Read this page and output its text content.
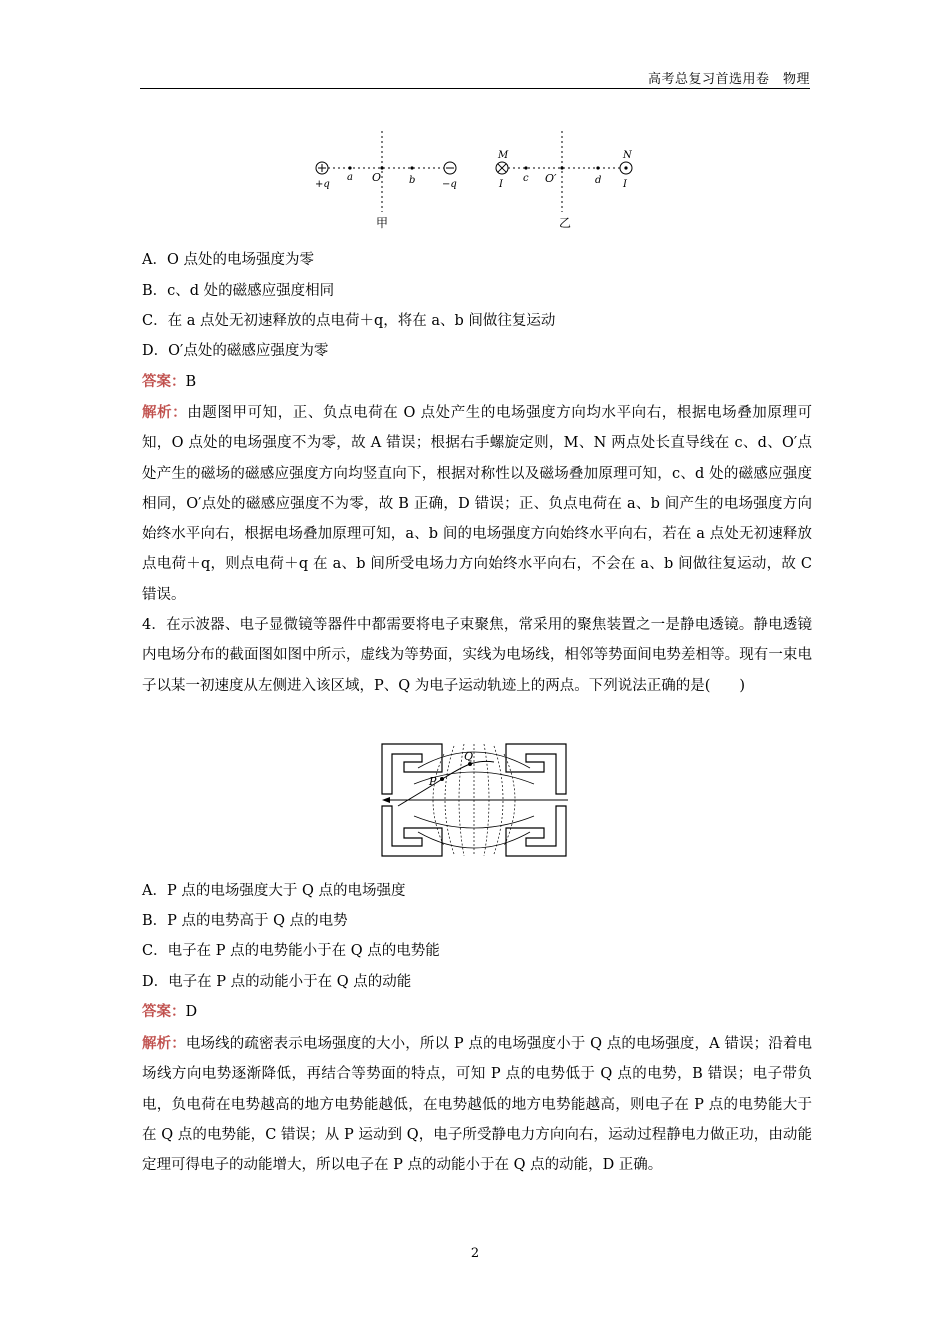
高考总复习首选用卷　物理
+q
a O	b	−q
甲
M
I
c O′	d
N
I
乙
A．O 点处的电场强度为零
B．c、d 处的磁感应强度相同
C．在 a 点处无初速释放的点电荷＋q，将在 a、b 间做往复运动
D．O′点处的磁感应强度为零
答案：B
解析：由题图甲可知，正、负点电荷在 O 点处产生的电场强度方向均水平向右，根据电场叠加原理可知，O 点处的电场强度不为零，故 A 错误；根据右手螺旋定则，M、N 两点处长直导线在 c、d、O′点处产生的磁场的磁感应强度方向均竖直向下，根据对称性以及磁场叠加原理可知，c、d 处的磁感应强度相同，O′点处的磁感应强度不为零，故 B 正确，D 错误；正、负点电荷在 a、b 间产生的电场强度方向始终水平向右，根据电场叠加原理可知，a、b 间的电场强度方向始终水平向右，若在 a 点处无初速释放点电荷＋q，则点电荷＋q 在 a、b 间所受电场力方向始终水平向右，不会在 a、b 间做往复运动，故 C 错误。
4．在示波器、电子显微镜等器件中都需要将电子束聚焦，常采用的聚焦装置之一是静电透镜。静电透镜内电场分布的截面图如图中所示，虚线为等势面，实线为电场线，相邻等势面间电势差相等。现有一束电子以某一初速度从左侧进入该区域，P、Q 为电子运动轨迹上的两点。下列说法正确的是(　　)
P
Q
A．P 点的电场强度大于 Q 点的电场强度
B．P 点的电势高于 Q 点的电势
C．电子在 P 点的电势能小于在 Q 点的电势能
D．电子在 P 点的动能小于在 Q 点的动能
答案：D
解析：电场线的疏密表示电场强度的大小，所以 P 点的电场强度小于 Q 点的电场强度，A 错误；沿着电场线方向电势逐渐降低，再结合等势面的特点，可知 P 点的电势低于 Q 点的电势，B 错误；电子带负电，负电荷在电势越高的地方电势能越低，在电势越低的地方电势能越高，则电子在 P 点的电势能大于在 Q 点的电势能，C 错误；从 P 运动到 Q，电子所受静电力方向向右，运动过程静电力做正功，由动能定理可得电子的动能增大，所以电子在 P 点的动能小于在 Q 点的动能，D 正确。
2
